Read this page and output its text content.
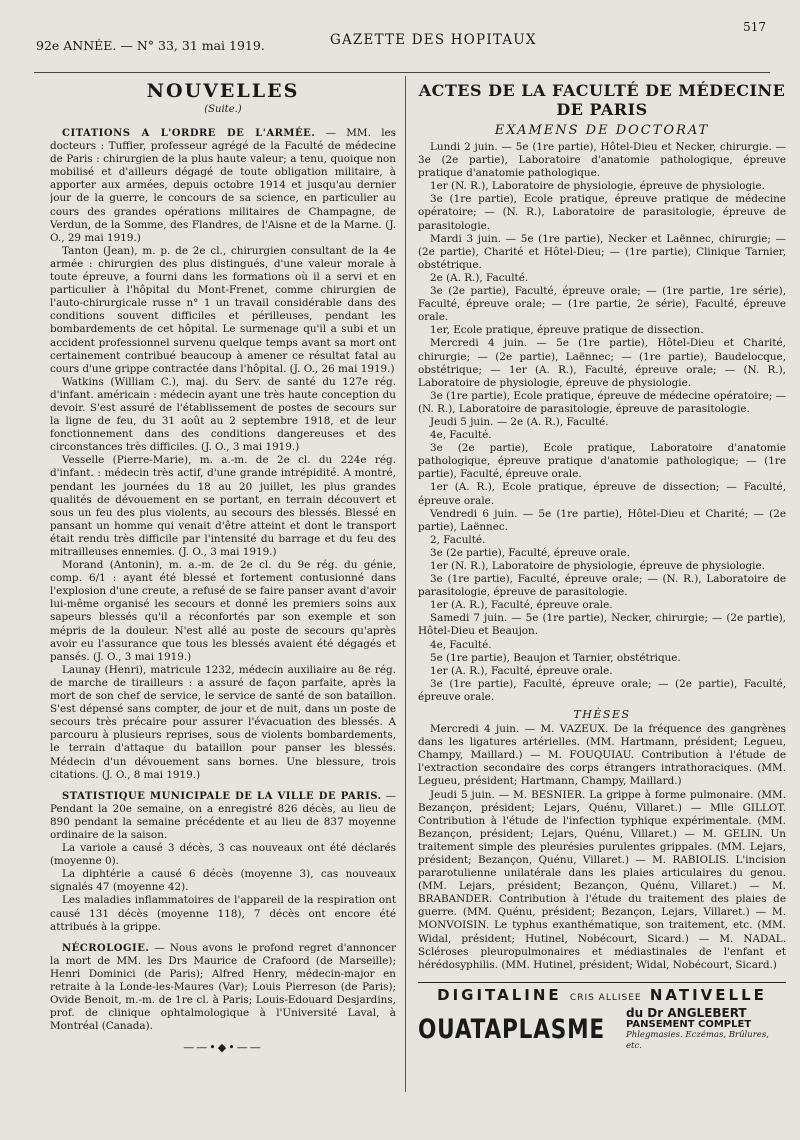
92e ANNÉE. — N° 33, 31 mai 1919.	GAZETTE DES HOPITAUX
517
NOUVELLES
(Suite.)

CITATIONS A L'ORDRE DE L'ARMÉE. — MM. les docteurs : Tuffier, professeur agrégé de la Faculté de médecine de Paris : chirurgien de la plus haute valeur; a tenu, quoique non mobilisé et d'ailleurs dégagé de toute obligation militaire, à apporter aux armées, depuis octobre 1914 et jusqu'au dernier jour de la guerre, le concours de sa science, en particulier au cours des grandes opérations militaires de Champagne, de Verdun, de la Somme, des Flandres, de l'Aisne et de la Marne. (J. O., 29 mai 1919.)

Tanton (Jean), m. p. de 2e cl., chirurgien consultant de la 4e armée : chirurgien des plus distingués, d'une valeur morale à toute épreuve, a fourni dans les formations où il a servi et en particulier à l'hôpital du Mont-Frenet, comme chirurgien de l'auto-chirurgicale russe n° 1 un travail considérable dans des conditions souvent difficiles et périlleuses, pendant les bombardements de cet hôpital. Le surmenage qu'il a subi et un accident professionnel survenu quelque temps avant sa mort ont certainement contribué beaucoup à amener ce résultat fatal au cours d'une grippe contractée dans l'hôpital. (J. O., 26 mai 1919.)

Watkins (William C.), maj. du Serv. de santé du 127e rég. d'infant. américain : médecin ayant une très haute conception du devoir. S'est assuré de l'établissement de postes de secours sur la ligne de feu, du 31 août au 2 septembre 1918, et de leur fonctionnement dans des conditions dangereuses et des circonstances très difficiles. (J. O., 3 mai 1919.)

Vesselle (Pierre-Marie), m. a.-m. de 2e cl. du 224e rég. d'infant. : médecin très actif, d'une grande intrépidité. A montré, pendant les journées du 18 au 20 juillet, les plus grandes qualités de dévouement en se portant, en terrain découvert et sous un feu des plus violents, au secours des blessés. Blessé en pansant un homme qui venait d'être atteint et dont le transport était rendu très difficile par l'intensité du barrage et du feu des mitrailleuses ennemies. (J. O., 3 mai 1919.)

Morand (Antonin), m. a.-m. de 2e cl. du 9e rég. du génie, comp. 6/1 : ayant été blessé et fortement contusionné dans l'explosion d'une creute, a refusé de se faire panser avant d'avoir lui-même organisé les secours et donné les premiers soins aux sapeurs blessés qu'il a réconfortés par son exemple et son mépris de la douleur. N'est allé au poste de secours qu'après avoir eu l'assurance que tous les blessés avaient été dégagés et pansés. (J. O., 3 mai 1919.)

Launay (Henri), matricule 1232, médecin auxiliaire au 8e rég. de marche de tirailleurs : a assuré de façon parfaite, après la mort de son chef de service, le service de santé de son bataillon. S'est dépensé sans compter, de jour et de nuit, dans un poste de secours très précaire pour assurer l'évacuation des blessés. A parcouru à plusieurs reprises, sous de violents bombardements, le terrain d'attaque du bataillon pour panser les blessés. Médecin d'un dévouement sans bornes. Une blessure, trois citations. (J. O., 8 mai 1919.)

STATISTIQUE MUNICIPALE DE LA VILLE DE PARIS. — Pendant la 20e semaine, on a enregistré 826 décès, au lieu de 890 pendant la semaine précédente et au lieu de 837 moyenne ordinaire de la saison.

La variole a causé 3 décès, 3 cas nouveaux ont été déclarés (moyenne 0).

La diphtérie a causé 6 décès (moyenne 3), cas nouveaux signalés 47 (moyenne 42).

Les maladies inflammatoires de l'appareil de la respiration ont causé 131 décès (moyenne 118), 7 décès ont encore été attribués à la grippe.

NÉCROLOGIE. — Nous avons le profond regret d'annoncer la mort de MM. les Drs Maurice de Crafoord (de Marseille); Henri Dominici (de Paris); Alfred Henry, médecin-major en retraite à la Londe-les-Maures (Var); Louis Pierreson (de Paris); Ovide Benoit, m.-m. de 1re cl. à Paris; Louis-Edouard Desjardins, prof. de clinique ophtalmologique à l'Université Laval, à Montréal (Canada).

——•◆•——
ACTES DE LA FACULTÉ DE MÉDECINE DE PARIS
EXAMENS DE DOCTORAT

Lundi 2 juin. — 5e (1re partie), Hôtel-Dieu et Necker, chirurgie. — 3e (2e partie), Laboratoire d'anatomie pathologique, épreuve pratique d'anatomie pathologique.

1er (N. R.), Laboratoire de physiologie, épreuve de physiologie.

3e (1re partie), Ecole pratique, épreuve pratique de médecine opératoire; — (N. R.), Laboratoire de parasitologie, épreuve de parasitologie.

Mardi 3 juin. — 5e (1re partie), Necker et Laënnec, chirurgie; — (2e partie), Charité et Hôtel-Dieu; — (1re partie), Clinique Tarnier, obstétrique.

2e (A. R.), Faculté.

3e (2e partie), Faculté, épreuve orale; — (1re partie, 1re série), Faculté, épreuve orale; — (1re partie, 2e série), Faculté, épreuve orale.

1er, Ecole pratique, épreuve pratique de dissection.

Mercredi 4 juin. — 5e (1re partie), Hôtel-Dieu et Charité, chirurgie; — (2e partie), Laënnec; — (1re partie), Baudelocque, obstétrique; — 1er (A. R.), Faculté, épreuve orale; — (N. R.), Laboratoire de physiologie, épreuve de physiologie.

3e (1re partie), Ecole pratique, épreuve de médecine opératoire; — (N. R.), Laboratoire de parasitologie, épreuve de parasitologie.

Jeudi 5 juin. — 2e (A. R.), Faculté.

4e, Faculté.

3e (2e partie), Ecole pratique, Laboratoire d'anatomie pathologique, épreuve pratique d'anatomie pathologique; — (1re partie), Faculté, épreuve orale.

1er (A. R.), Ecole pratique, épreuve de dissection; — Faculté, épreuve orale.

Vendredi 6 juin. — 5e (1re partie), Hôtel-Dieu et Charité; — (2e partie), Laënnec.

2, Faculté.

3e (2e partie), Faculté, épreuve orale.

1er (N. R.), Laboratoire de physiologie, épreuve de physiologie.

3e (1re partie), Faculté, épreuve orale; — (N. R.), Laboratoire de parasitologie, épreuve de parasitologie.

1er (A. R.), Faculté, épreuve orale.

Samedi 7 juin. — 5e (1re partie), Necker, chirurgie; — (2e partie), Hôtel-Dieu et Beaujon.

4e, Faculté.

5e (1re partie), Beaujon et Tarnier, obstétrique.

1er (A. R.), Faculté, épreuve orale.

3e (1re partie), Faculté, épreuve orale; — (2e partie), Faculté, épreuve orale.

THÈSES

Mercredi 4 juin. — M. VAZEUX. De la fréquence des gangrènes dans les ligatures artérielles. (MM. Hartmann, président; Legueu, Champy, Maillard.) — M. FOUQUIAU. Contribution à l'étude de l'extraction secondaire des corps étrangers intrathoraciques. (MM. Legueu, président; Hartmann, Champy, Maillard.)

Jeudi 5 juin. — M. BESNIER. La grippe à forme pulmonaire. (MM. Bezançon, président; Lejars, Quénu, Villaret.) — Mlle GILLOT. Contribution à l'étude de l'infection typhique expérimentale. (MM. Bezançon, président; Lejars, Quénu, Villaret.) — M. GELIN. Un traitement simple des pleurésies purulentes grippales. (MM. Lejars, président; Bezançon, Quénu, Villaret.) — M. RABIOLIS. L'incision pararotulienne unilatérale dans les plaies articulaires du genou. (MM. Lejars, président; Bezançon, Quénu, Villaret.) — M. BRABANDER. Contribution à l'étude du traitement des plaies de guerre. (MM. Quénu, président; Bezançon, Lejars, Villaret.) — M. MONVOISIN. Le typhus exanthématique, son traitement, etc. (MM. Widal, président; Hutinel, Nobécourt, Sicard.) — M. NADAL. Scléroses pleuropulmonaires et médiastinales de l'enfant et hérédosyphilis. (MM. Hutinel, président; Widal, Nobécourt, Sicard.)

DIGITALINE CRIS ALLISEE NATIVELLE
OUATAPLASME
du Dr ANGLEBERT
PANSEMENT COMPLET
Phlegmasies. Eczémas, Brûlures, etc.
